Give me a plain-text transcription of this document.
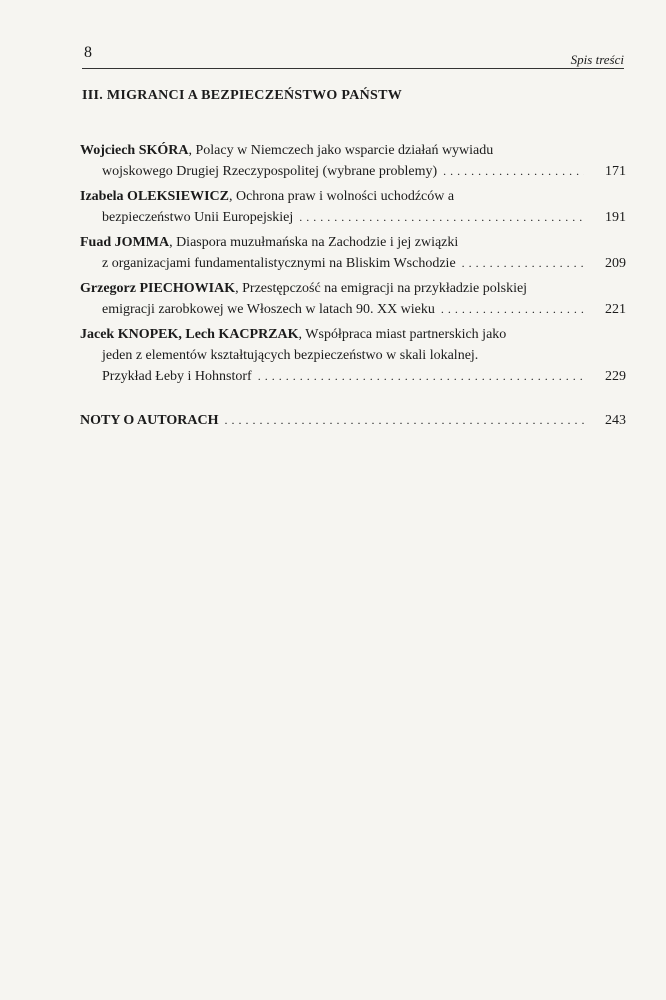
8	Spis treści
III. MIGRANCI A BEZPIECZEŃSTWO PAŃSTW
Wojciech SKÓRA , Polacy w Niemczech jako wsparcie działań wywiadu
wojskowego Drugiej Rzeczypospolitej (wybrane problemy) . . .	171
Izabela OLEKSIEWICZ , Ochrona praw i wolności uchodźców a
bezpieczeństwo Unii Europejskiej . . .	191
Fuad JOMMA , Diaspora muzułmańska na Zachodzie i jej związki
z organizacjami fundamentalistycznymi na Bliskim Wschodzie . . .	209
Grzegorz PIECHOWIAK , Przestępczość na emigracji na przykładzie polskiej
emigracji zarobkowej we Włoszech w latach 90. XX wieku . . .	221
Jacek KNOPEK, Lech KACPRZAK , Współpraca miast partnerskich jako
jeden z elementów kształtujących bezpieczeństwo w skali lokalnej.
Przykład Łeby i Hohnstorf . . .	229
NOTY O AUTORACH . . .	243
